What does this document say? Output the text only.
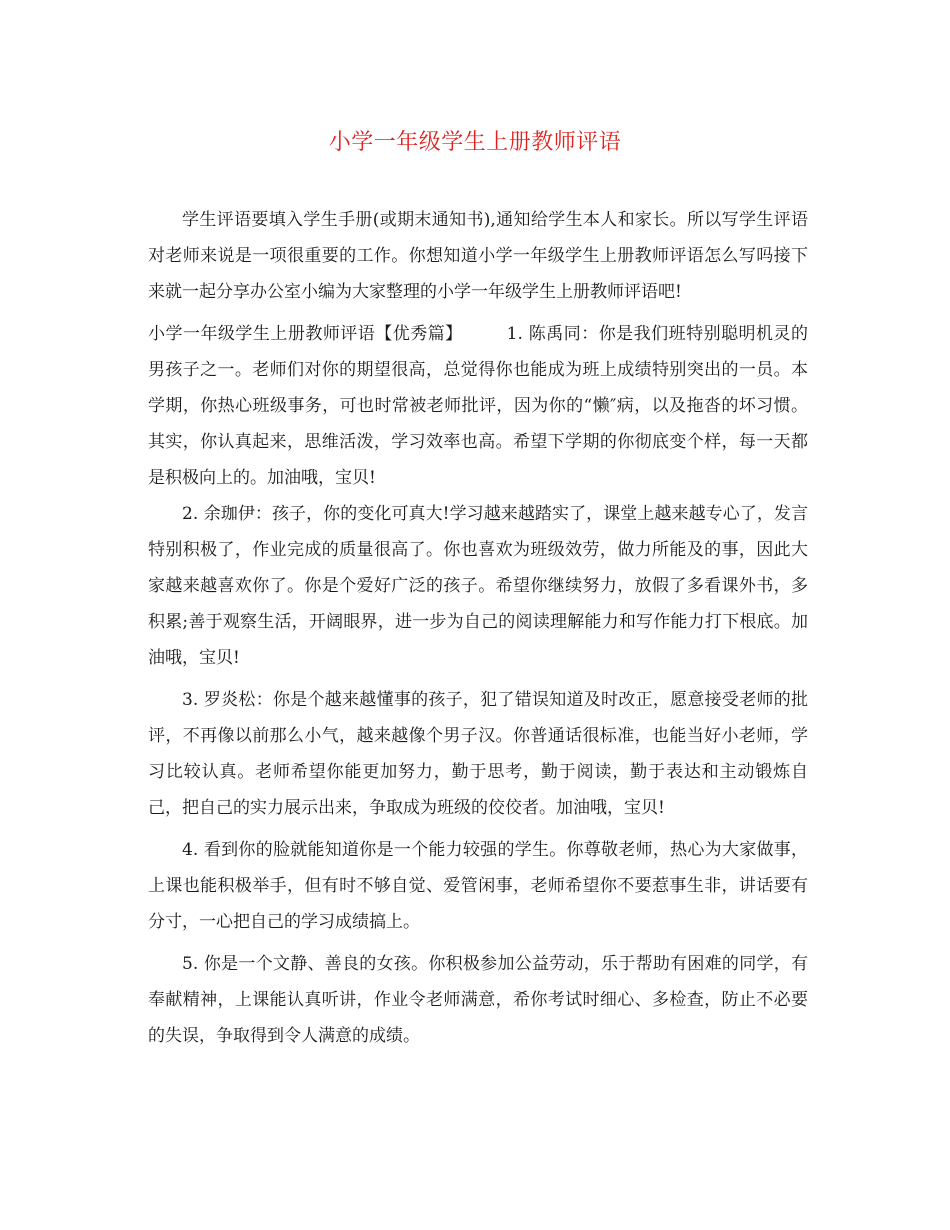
小学一年级学生上册教师评语

学生评语要填入学生手册(或期末通知书),通知给学生本人和家长。所以写学生评语对老师来说是一项很重要的工作。你想知道小学一年级学生上册教师评语怎么写吗接下来就一起分享办公室小编为大家整理的小学一年级学生上册教师评语吧!

小学一年级学生上册教师评语【优秀篇】	1. 陈禹同：你是我们班特别聪明机灵的男孩子之一。老师们对你的期望很高，总觉得你也能成为班上成绩特别突出的一员。本学期，你热心班级事务，可也时常被老师批评，因为你的“懒″病，以及拖沓的坏习惯。其实，你认真起来，思维活泼，学习效率也高。希望下学期的你彻底变个样，每一天都是积极向上的。加油哦，宝贝!

2. 余珈伊：孩子，你的变化可真大!学习越来越踏实了，课堂上越来越专心了，发言特别积极了，作业完成的质量很高了。你也喜欢为班级效劳，做力所能及的事，因此大家越来越喜欢你了。你是个爱好广泛的孩子。希望你继续努力，放假了多看课外书，多积累;善于观察生活，开阔眼界，进一步为自己的阅读理解能力和写作能力打下根底。加油哦，宝贝!

3. 罗炎松：你是个越来越懂事的孩子，犯了错误知道及时改正，愿意接受老师的批评，不再像以前那么小气，越来越像个男子汉。你普通话很标准，也能当好小老师，学习比较认真。老师希望你能更加努力，勤于思考，勤于阅读，勤于表达和主动锻炼自己，把自己的实力展示出来，争取成为班级的佼佼者。加油哦，宝贝!

4. 看到你的脸就能知道你是一个能力较强的学生。你尊敬老师，热心为大家做事，上课也能积极举手，但有时不够自觉、爱管闲事，老师希望你不要惹事生非，讲话要有分寸，一心把自己的学习成绩搞上。

5. 你是一个文静、善良的女孩。你积极参加公益劳动，乐于帮助有困难的同学，有奉献精神，上课能认真听讲，作业令老师满意，希你考试时细心、多检查，防止不必要的失误，争取得到令人满意的成绩。
